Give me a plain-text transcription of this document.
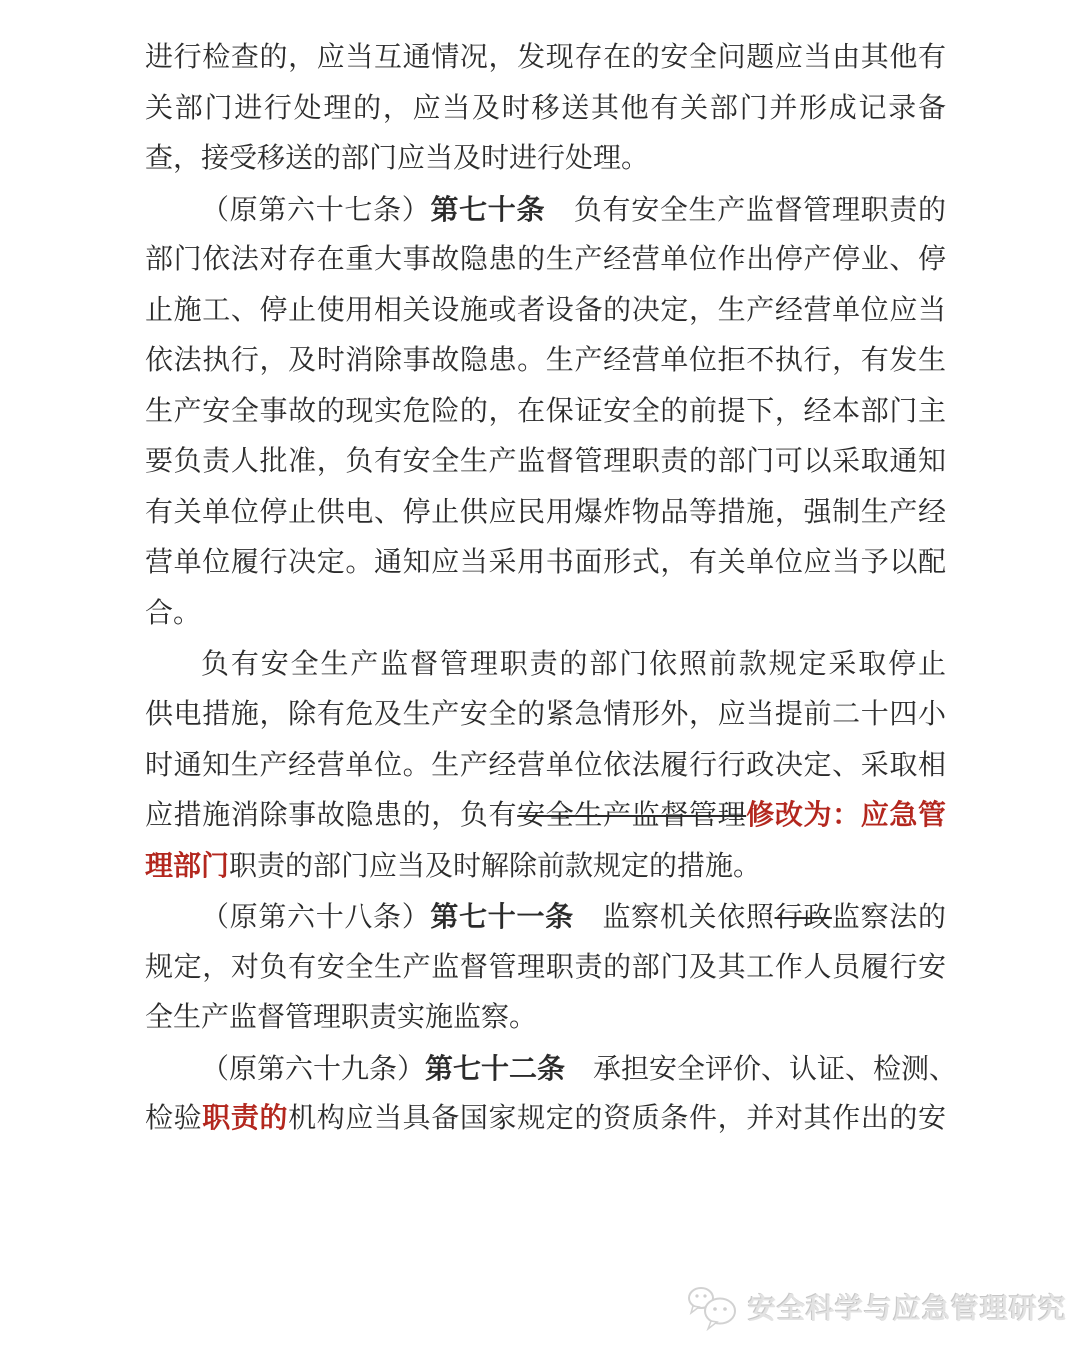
进行检查的，应当互通情况，发现存在的安全问题应当由其他有
关部门进行处理的，应当及时移送其他有关部门并形成记录备
查，接受移送的部门应当及时进行处理。
（原第六十七条）第七十条　负有安全生产监督管理职责的
部门依法对存在重大事故隐患的生产经营单位作出停产停业、停
止施工、停止使用相关设施或者设备的决定，生产经营单位应当
依法执行，及时消除事故隐患。生产经营单位拒不执行，有发生
生产安全事故的现实危险的，在保证安全的前提下，经本部门主
要负责人批准，负有安全生产监督管理职责的部门可以采取通知
有关单位停止供电、停止供应民用爆炸物品等措施，强制生产经
营单位履行决定。通知应当采用书面形式，有关单位应当予以配
合。
负有安全生产监督管理职责的部门依照前款规定采取停止
供电措施，除有危及生产安全的紧急情形外，应当提前二十四小
时通知生产经营单位。生产经营单位依法履行行政决定、采取相
应措施消除事故隐患的，负有安全生产监督管理修改为：应急管
理部门职责的部门应当及时解除前款规定的措施。
（原第六十八条）第七十一条　监察机关依照行政监察法的
规定，对负有安全生产监督管理职责的部门及其工作人员履行安
全生产监督管理职责实施监察。
（原第六十九条）第七十二条　承担安全评价、认证、检测、
检验职责的机构应当具备国家规定的资质条件，并对其作出的安
安全科学与应急管理研究
